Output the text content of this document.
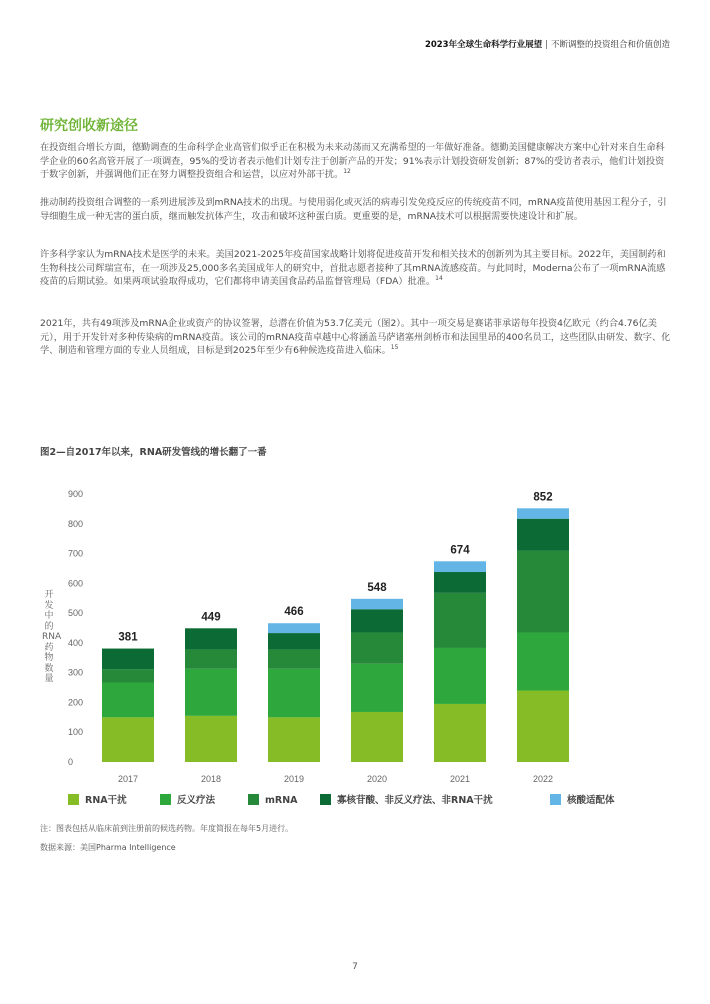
2023年全球生命科学行业展望 | 不断调整的投资组合和价值创造
研究创收新途径

在投资组合增长方面，德勤调查的生命科学企业高管们似乎正在积极为未来动荡而又充满希望的一年做好准备。德勤美国健康解决方案中心针对来自生命科学企业的60名高管开展了一项调查，95%的受访者表示他们计划专注于创新产品的开发；91%表示计划投资研发创新；87%的受访者表示，他们计划投资于数字创新，并强调他们正在努力调整投资组合和运营，以应对外部干扰。$^{12}$

推动制药投资组合调整的一系列进展涉及到mRNA技术的出现。与使用弱化或灭活的病毒引发免疫反应的传统疫苗不同，mRNA疫苗使用基因工程分子，引导细胞生成一种无害的蛋白质，继而触发抗体产生，攻击和破坏这种蛋白质。更重要的是，mRNA技术可以根据需要快速设计和扩展。

许多科学家认为mRNA技术是医学的未来。美国2021-2025年疫苗国家战略计划将促进疫苗开发和相关技术的创新列为其主要目标。2022年，美国制药和生物科技公司辉瑞宣布，在一项涉及25,000多名美国成年人的研究中，首批志愿者接种了其mRNA流感疫苗。与此同时，Moderna公布了一项mRNA流感疫苗的后期试验。如果两项试验取得成功，它们都将申请美国食品药品监督管理局（FDA）批准。$^{14}$

2021年，共有49项涉及mRNA企业或资产的协议签署，总潜在价值为53.7亿美元（图2）。其中一项交易是赛诺菲承诺每年投资4亿欧元（约合4.76亿美元），用于开发针对多种传染病的mRNA疫苗。该公司的mRNA疫苗卓越中心将涵盖马萨诸塞州剑桥市和法国里昂的400名员工，这些团队由研发、数字、化学、制造和管理方面的专业人员组成，目标是到2025年至少有6种候选疫苗进入临床。$^{15}$

图2—自2017年以来，RNA研发管线的增长翻了一番
0
100
200
300
400
500
600
700
800
900
381
2017
449
2018
466
2019
548
2020
674
2021
852
2022
RNA干扰	反义疗法	mRNA	寡核苷酸、非反义疗法、非RNA干扰	核酸适配体
开发中的RNA药物数量
注：图表包括从临床前到注册前的候选药物。年度简报在每年5月进行。
数据来源：美国Pharma Intelligence
7
